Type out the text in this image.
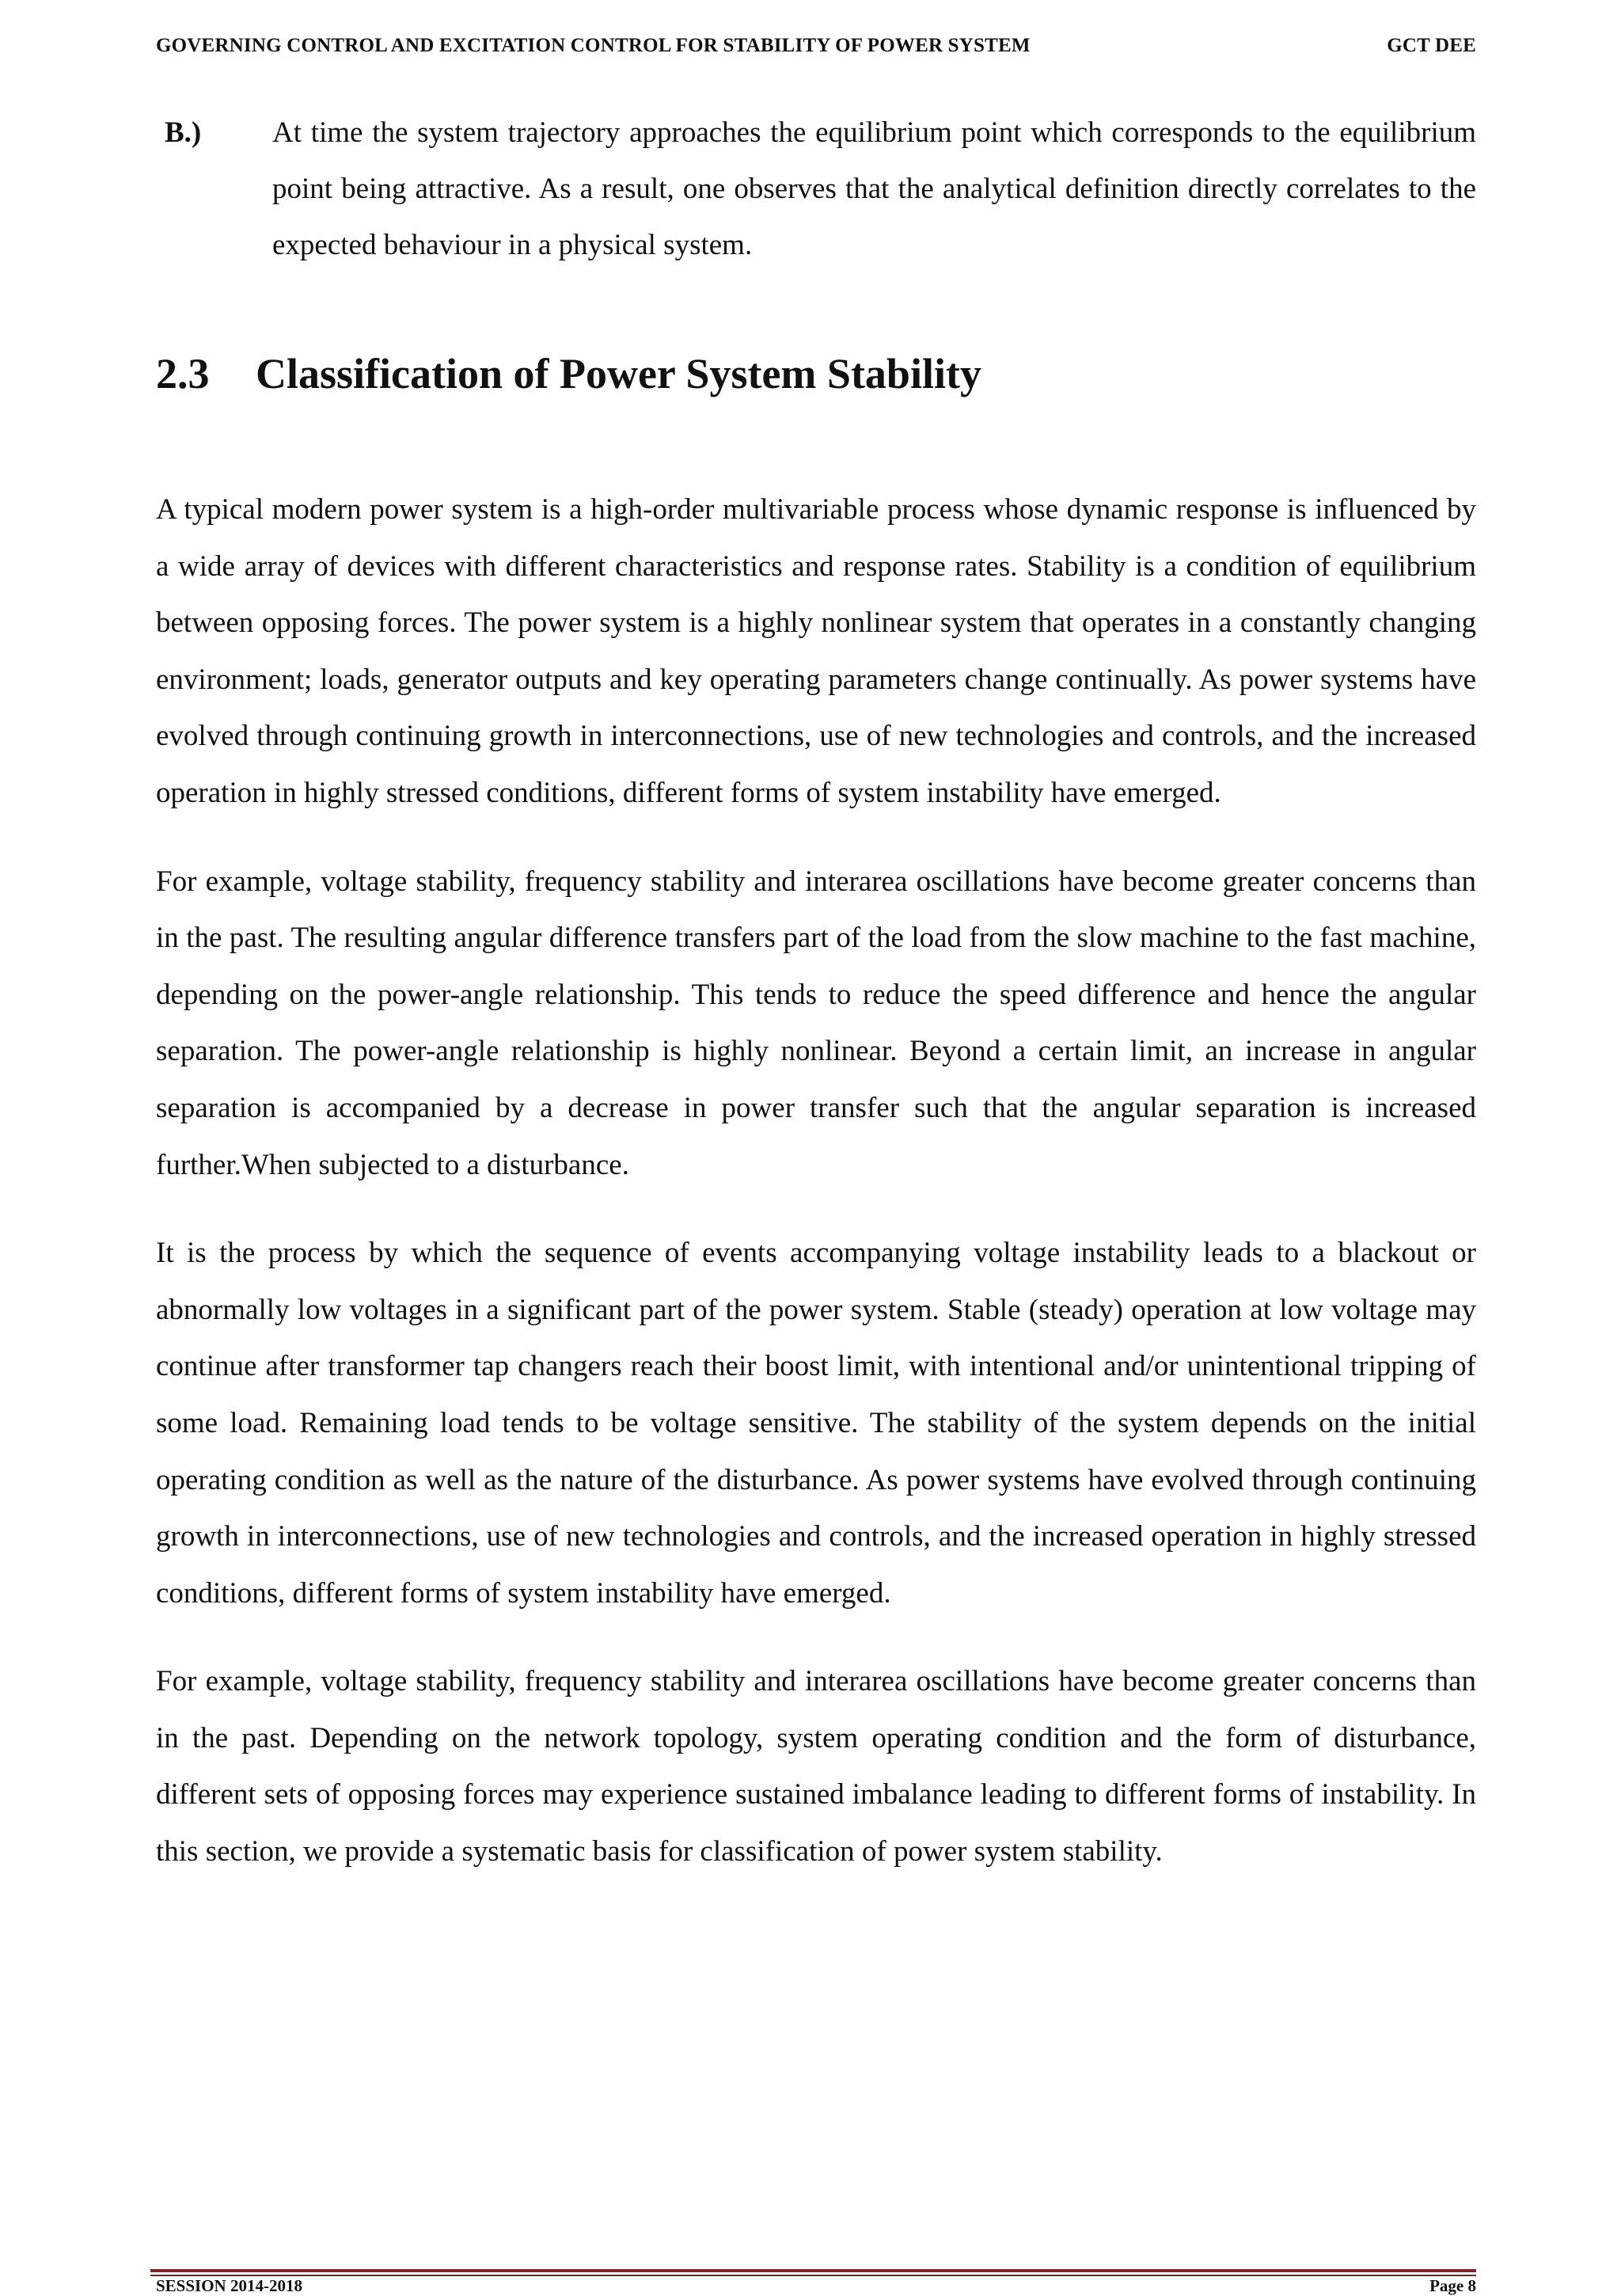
GOVERNING CONTROL AND EXCITATION CONTROL FOR STABILITY OF POWER SYSTEM	GCT DEE
B.)	At time the system trajectory approaches the equilibrium point which corresponds to the equilibrium point being attractive. As a result, one observes that the analytical definition directly correlates to the expected behaviour in a physical system.
2.3	Classification of Power System Stability

A typical modern power system is a high-order multivariable process whose dynamic response is influenced by a wide array of devices with different characteristics and response rates. Stability is a condition of equilibrium between opposing forces. The power system is a highly nonlinear system that operates in a constantly changing environment; loads, generator outputs and key operating parameters change continually. As power systems have evolved through continuing growth in interconnections, use of new technologies and controls, and the increased operation in highly stressed conditions, different forms of system instability have emerged.

For example, voltage stability, frequency stability and interarea oscillations have become greater concerns than in the past. The resulting angular difference transfers part of the load from the slow machine to the fast machine, depending on the power-angle relationship. This tends to reduce the speed difference and hence the angular separation. The power-angle relationship is highly nonlinear. Beyond a certain limit, an increase in angular separation is accompanied by a decrease in power transfer such that the angular separation is increased further.When subjected to a disturbance.

It is the process by which the sequence of events accompanying voltage instability leads to a blackout or abnormally low voltages in a significant part of the power system. Stable (steady) operation at low voltage may continue after transformer tap changers reach their boost limit, with intentional and/or unintentional tripping of some load. Remaining load tends to be voltage sensitive. The stability of the system depends on the initial operating condition as well as the nature of the disturbance. As power systems have evolved through continuing growth in interconnections, use of new technologies and controls, and the increased operation in highly stressed conditions, different forms of system instability have emerged.

For example, voltage stability, frequency stability and interarea oscillations have become greater concerns than in the past. Depending on the network topology, system operating condition and the form of disturbance, different sets of opposing forces may experience sustained imbalance leading to different forms of instability. In this section, we provide a systematic basis for classification of power system stability.

SESSION 2014-2018	Page 8
